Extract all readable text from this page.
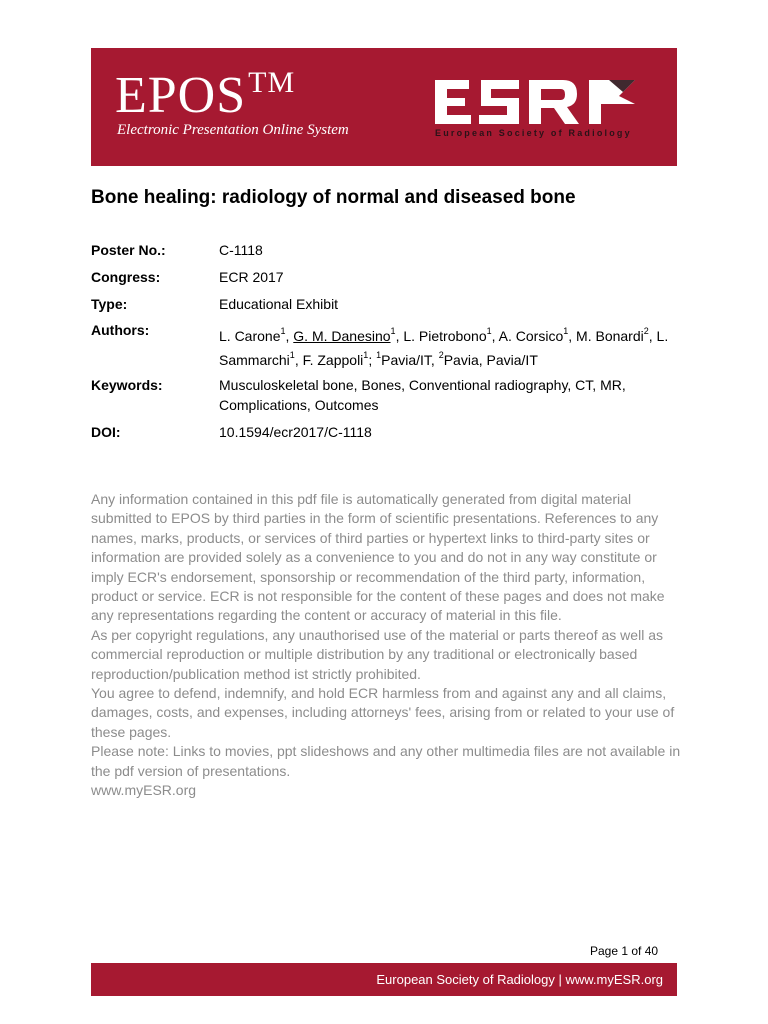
EPOS™
Electronic Presentation Online System	European Society of Radiology
Bone healing: radiology of normal and diseased bone
Poster No.:	C-1118
Congress:	ECR 2017
Type:	Educational Exhibit
Authors:	L. Carone$^1$, G. M. Danesino$^1$, L. Pietrobono$^1$, A. Corsico$^1$, M. Bonardi$^2$, L. Sammarchi$^1$, F. Zappoli$^1$; $^1$Pavia/IT, $^2$Pavia, Pavia/IT
Keywords:	Musculoskeletal bone, Bones, Conventional radiography, CT, MR, Complications, Outcomes
DOI:	10.1594/ecr2017/C-1118

Any information contained in this pdf file is automatically generated from digital material submitted to EPOS by third parties in the form of scientific presentations. References to any names, marks, products, or services of third parties or hypertext links to third-party sites or information are provided solely as a convenience to you and do not in any way constitute or imply ECR's endorsement, sponsorship or recommendation of the third party, information, product or service. ECR is not responsible for the content of these pages and does not make any representations regarding the content or accuracy of material in this file.

As per copyright regulations, any unauthorised use of the material or parts thereof as well as commercial reproduction or multiple distribution by any traditional or electronically based reproduction/publication method ist strictly prohibited.

You agree to defend, indemnify, and hold ECR harmless from and against any and all claims, damages, costs, and expenses, including attorneys' fees, arising from or related to your use of these pages.

Please note: Links to movies, ppt slideshows and any other multimedia files are not available in the pdf version of presentations.

www.myESR.org

Page 1 of 40
European Society of Radiology | www.myESR.org
